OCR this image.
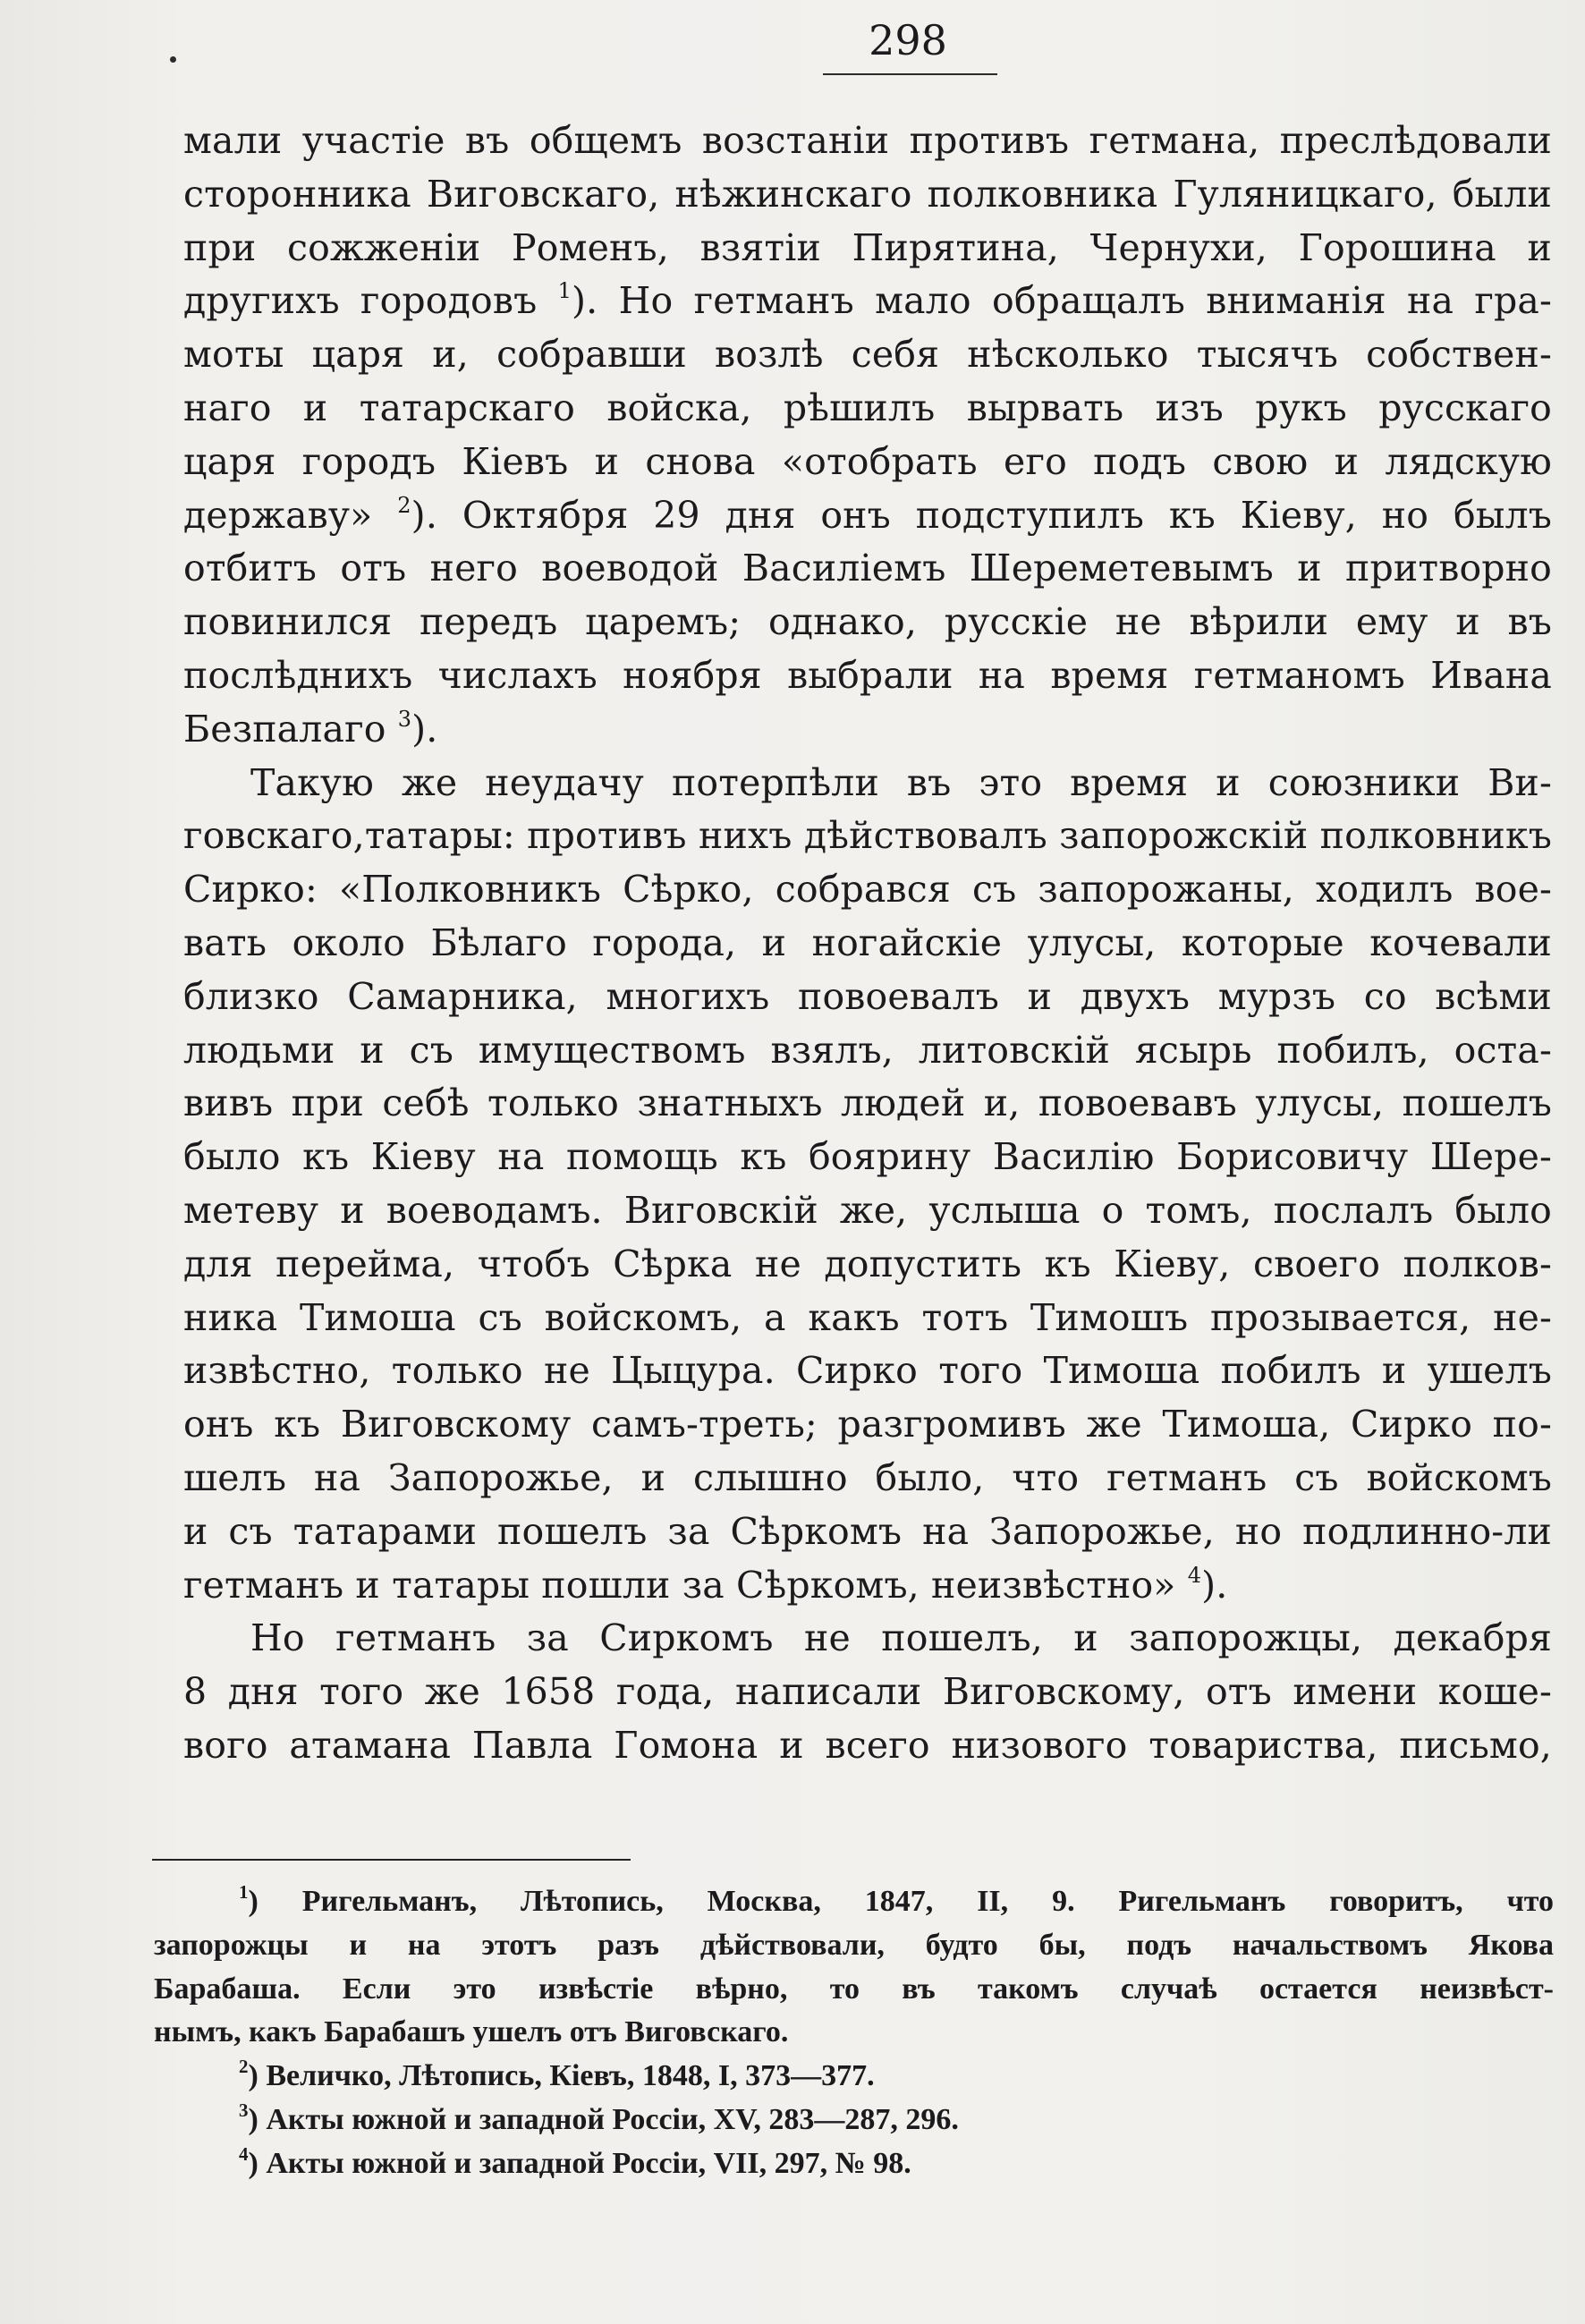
298
мали участіе въ общемъ возстаніи противъ гетмана, преслѣдовали
сторонника Виговскаго, нѣжинскаго полковника Гуляницкаго, были
при сожженіи Роменъ, взятіи Пирятина, Чернухи, Горошина и
другихъ городовъ $^1$). Но гетманъ мало обращалъ вниманія на гра-
моты царя и, собравши возлѣ себя нѣсколько тысячъ собствен-
наго и татарскаго войска, рѣшилъ вырвать изъ рукъ русскаго
царя городъ Кіевъ и снова «отобрать его подъ свою и лядскую
державу» $^2$). Октября 29 дня онъ подступилъ къ Кіеву, но былъ
отбитъ отъ него воеводой Василіемъ Шереметевымъ и притворно
повинился передъ царемъ; однако, русскіе не вѣрили ему и въ
послѣднихъ числахъ ноября выбрали на время гетманомъ Ивана
Безпалаго $^3$).
Такую же неудачу потерпѣли въ это время и союзники Ви-
говскаго,татары: противъ нихъ дѣйствовалъ запорожскій полковникъ
Сирко: «Полковникъ Сѣрко, собрався съ запорожаны, ходилъ вое-
вать около Бѣлаго города, и ногайскіе улусы, которые кочевали
близко Самарника, многихъ повоевалъ и двухъ мурзъ со всѣми
людьми и съ имуществомъ взялъ, литовскій ясырь побилъ, оста-
вивъ при себѣ только знатныхъ людей и, повоевавъ улусы, пошелъ
было къ Кіеву на помощь къ боярину Василію Борисовичу Шере-
метеву и воеводамъ. Виговскій же, услыша о томъ, послалъ было
для перейма, чтобъ Сѣрка не допустить къ Кіеву, своего полков-
ника Тимоша съ войскомъ, а какъ тотъ Тимошъ прозывается, не-
извѣстно, только не Цыцура. Сирко того Тимоша побилъ и ушелъ
онъ къ Виговскому самъ-треть; разгромивъ же Тимоша, Сирко по-
шелъ на Запорожье, и слышно было, что гетманъ съ войскомъ
и съ татарами пошелъ за Сѣркомъ на Запорожье, но подлинно-ли
гетманъ и татары пошли за Сѣркомъ, неизвѣстно» $^4$).
Но гетманъ за Сиркомъ не пошелъ, и запорожцы, декабря
8 дня того же 1658 года, написали Виговскому, отъ имени коше-
вого атамана Павла Гомона и всего низового товариства, письмо,
$^1$) Ригельманъ, Лѣтопись, Москва, 1847, II, 9. Ригельманъ говоритъ, что
запорожцы и на этотъ разъ дѣйствовали, будто бы, подъ начальствомъ Якова
Барабаша. Если это извѣстіе вѣрно, то въ такомъ случаѣ остается неизвѣст-
нымъ, какъ Барабашъ ушелъ отъ Виговскаго.
$^2$) Величко, Лѣтопись, Кіевъ, 1848, I, 373—377.
$^3$) Акты южной и западной Россіи, XV, 283—287, 296.
$^4$) Акты южной и западной Россіи, VII, 297, № 98.
